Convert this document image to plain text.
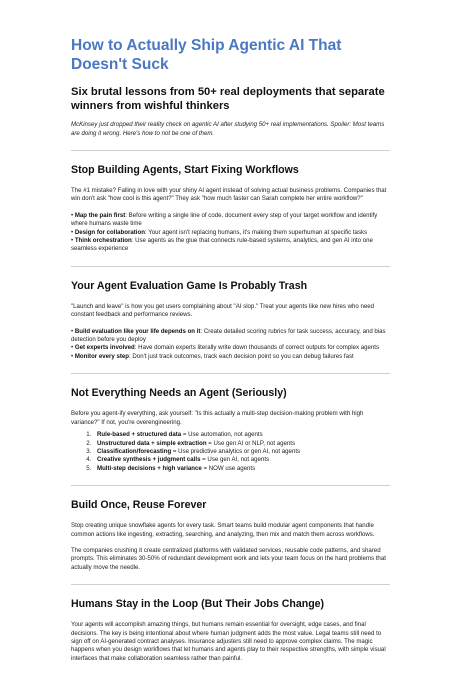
How to Actually Ship Agentic AI That Doesn't Suck
Six brutal lessons from 50+ real deployments that separate winners from wishful thinkers

McKinsey just dropped their reality check on agentic AI after studying 50+ real implementations. Spoiler: Most teams are doing it wrong. Here's how to not be one of them.

Stop Building Agents, Start Fixing Workflows

The #1 mistake? Falling in love with your shiny AI agent instead of solving actual business problems. Companies that win don't ask "how cool is this agent?" They ask "how much faster can Sarah complete her entire workflow?"

• Map the pain first: Before writing a single line of code, document every step of your target workflow and identify where humans waste time
• Design for collaboration: Your agent isn't replacing humans, it's making them superhuman at specific tasks
• Think orchestration: Use agents as the glue that connects rule-based systems, analytics, and gen AI into one seamless experience
Your Agent Evaluation Game Is Probably Trash

"Launch and leave" is how you get users complaining about "AI slop." Treat your agents like new hires who need constant feedback and performance reviews.

• Build evaluation like your life depends on it: Create detailed scoring rubrics for task success, accuracy, and bias detection before you deploy
• Get experts involved: Have domain experts literally write down thousands of correct outputs for complex agents
• Monitor every step: Don't just track outcomes, track each decision point so you can debug failures fast
Not Everything Needs an Agent (Seriously)

Before you agent-ify everything, ask yourself: "Is this actually a multi-step decision-making problem with high variance?" If not, you're overengineering.

1. Rule-based + structured data = Use automation, not agents
2. Unstructured data + simple extraction = Use gen AI or NLP, not agents
3. Classification/forecasting = Use predictive analytics or gen AI, not agents
4. Creative synthesis + judgment calls = Use gen AI, not agents
5. Multi-step decisions + high variance = NOW use agents
Build Once, Reuse Forever

Stop creating unique snowflake agents for every task. Smart teams build modular agent components that handle common actions like ingesting, extracting, searching, and analyzing, then mix and match them across workflows.

The companies crushing it create centralized platforms with validated services, reusable code patterns, and shared prompts. This eliminates 30-50% of redundant development work and lets your team focus on the hard problems that actually move the needle.

Humans Stay in the Loop (But Their Jobs Change)

Your agents will accomplish amazing things, but humans remain essential for oversight, edge cases, and final decisions. The key is being intentional about where human judgment adds the most value. Legal teams still need to sign off on AI-generated contract analyses. Insurance adjusters still need to approve complex claims. The magic happens when you design workflows that let humans and agents play to their respective strengths, with simple visual interfaces that make collaboration seamless rather than painful.
